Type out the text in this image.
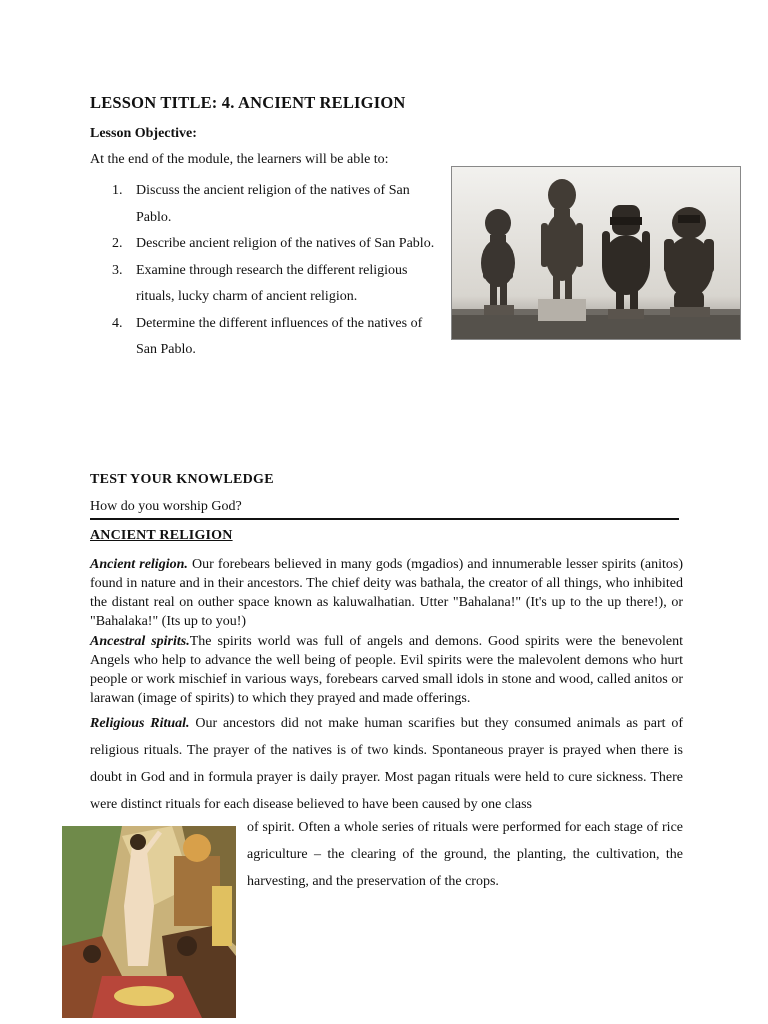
LESSON TITLE: 4. ANCIENT RELIGION
Lesson Objective:
At the end of the module, the learners will be able to:
1. Discuss the ancient religion of the natives of San Pablo.
2. Describe ancient religion of the natives of San Pablo.
3. Examine through research the different religious rituals, lucky charm of ancient religion.
4. Determine the different influences of the natives of San Pablo.
TEST YOUR KNOWLEDGE
How do you worship God?
ANCIENT RELIGION
Ancient religion. Our forebears believed in many gods (mgadios) and innumerable lesser spirits (anitos) found in nature and in their ancestors. The chief deity was bathala, the creator of all things, who inhibited the distant real on outher space known as kaluwalhatian. Utter "Bahalana!" (It's up to the up there!), or "Bahalaka!" (Its up to you!)
Ancestral spirits.The spirits world was full of angels and demons. Good spirits were the benevolent Angels who help to advance the well being of people. Evil spirits were the malevolent demons who hurt people or work mischief in various ways, forebears carved small idols in stone and wood, called anitos or larawan (image of spirits) to which they prayed and made offerings.
Religious Ritual. Our ancestors did not make human scarifies but they consumed animals as part of religious rituals. The prayer of the natives is of two kinds. Spontaneous prayer is prayed when there is doubt in God and in formula prayer is daily prayer. Most pagan rituals were held to cure sickness. There were distinct rituals for each disease believed to have been caused by one class
of spirit. Often a whole series of rituals were performed for each stage of rice agriculture – the clearing of the ground, the planting, the cultivation, the harvesting, and the preservation of the crops.
